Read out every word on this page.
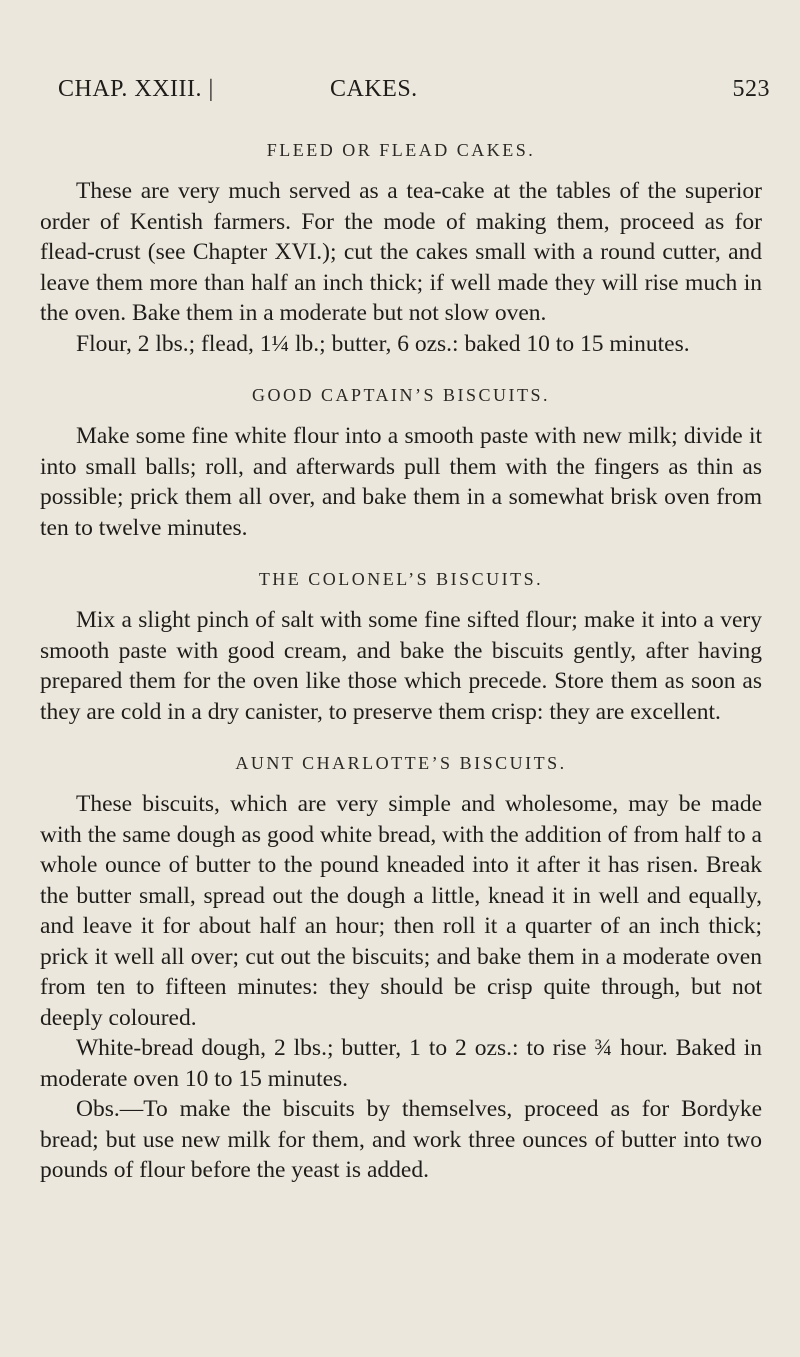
CHAP. XXIII. |	CAKES.	523
FLEED OR FLEAD CAKES.

These are very much served as a tea-cake at the tables of the superior order of Kentish farmers. For the mode of making them, proceed as for flead-crust (see Chapter XVI.); cut the cakes small with a round cutter, and leave them more than half an inch thick; if well made they will rise much in the oven. Bake them in a moderate but not slow oven.

Flour, 2 lbs.; flead, 1¼ lb.; butter, 6 ozs.: baked 10 to 15 minutes.

GOOD CAPTAIN’S BISCUITS.

Make some fine white flour into a smooth paste with new milk; divide it into small balls; roll, and afterwards pull them with the fingers as thin as possible; prick them all over, and bake them in a somewhat brisk oven from ten to twelve minutes.

THE COLONEL’S BISCUITS.

Mix a slight pinch of salt with some fine sifted flour; make it into a very smooth paste with good cream, and bake the biscuits gently, after having prepared them for the oven like those which precede. Store them as soon as they are cold in a dry canister, to preserve them crisp: they are excellent.

AUNT CHARLOTTE’S BISCUITS.

These biscuits, which are very simple and wholesome, may be made with the same dough as good white bread, with the addition of from half to a whole ounce of butter to the pound kneaded into it after it has risen. Break the butter small, spread out the dough a little, knead it in well and equally, and leave it for about half an hour; then roll it a quarter of an inch thick; prick it well all over; cut out the biscuits; and bake them in a moderate oven from ten to fifteen minutes: they should be crisp quite through, but not deeply coloured.

White-bread dough, 2 lbs.; butter, 1 to 2 ozs.: to rise ¾ hour. Baked in moderate oven 10 to 15 minutes.

Obs.—To make the biscuits by themselves, proceed as for Bordyke bread; but use new milk for them, and work three ounces of butter into two pounds of flour before the yeast is added.
